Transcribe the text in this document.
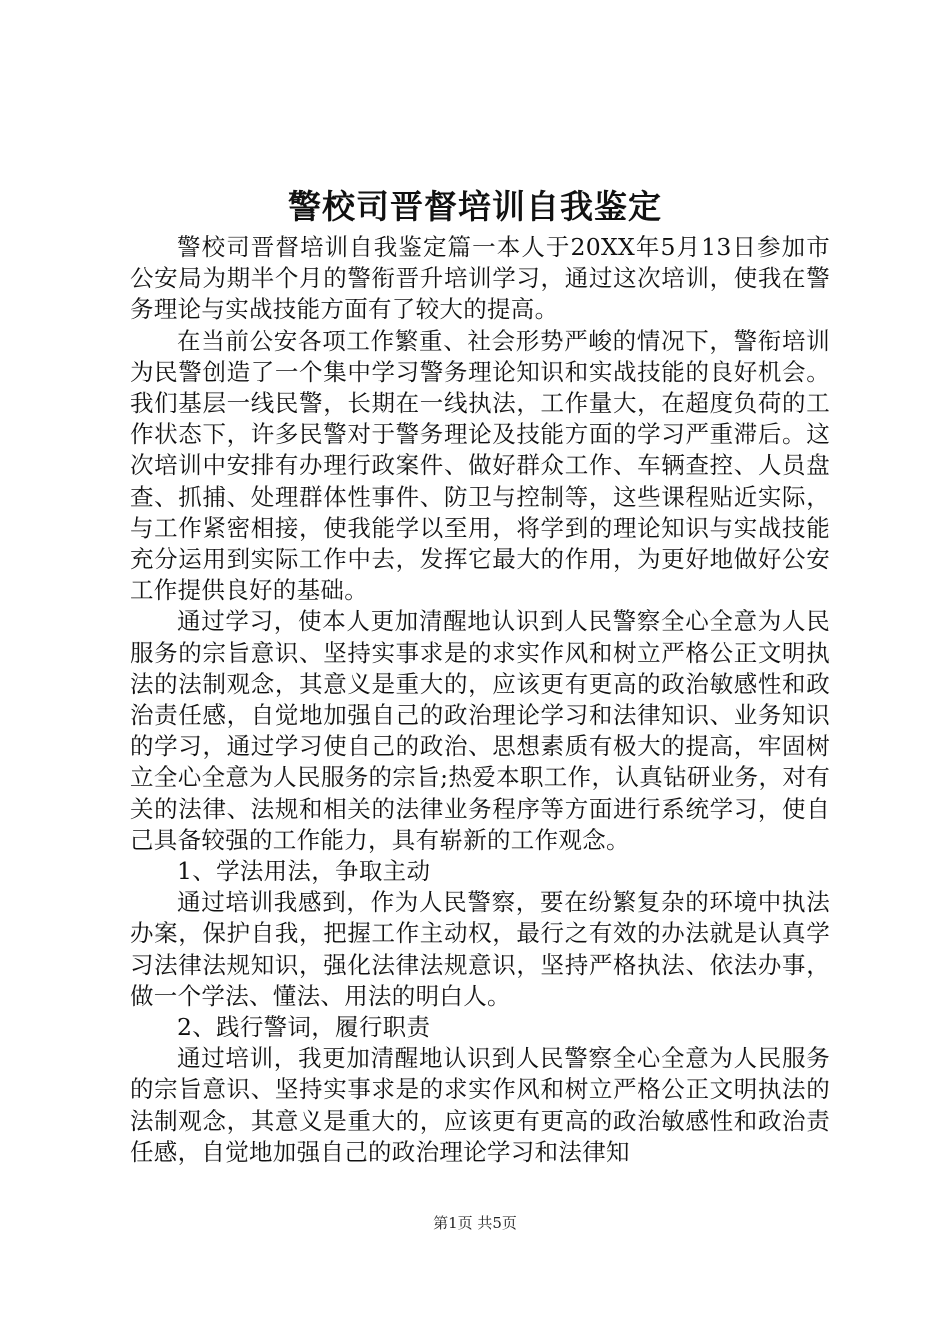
警校司晋督培训自我鉴定

警校司晋督培训自我鉴定篇一本人于20XX年5月13日参加市公安局为期半个月的警衔晋升培训学习，通过这次培训，使我在警务理论与实战技能方面有了较大的提高。

在当前公安各项工作繁重、社会形势严峻的情况下，警衔培训为民警创造了一个集中学习警务理论知识和实战技能的良好机会。我们基层一线民警，长期在一线执法，工作量大，在超度负荷的工作状态下，许多民警对于警务理论及技能方面的学习严重滞后。这次培训中安排有办理行政案件、做好群众工作、车辆查控、人员盘查、抓捕、处理群体性事件、防卫与控制等，这些课程贴近实际，与工作紧密相接，使我能学以至用，将学到的理论知识与实战技能充分运用到实际工作中去，发挥它最大的作用，为更好地做好公安工作提供良好的基础。

通过学习，使本人更加清醒地认识到人民警察全心全意为人民服务的宗旨意识、坚持实事求是的求实作风和树立严格公正文明执法的法制观念，其意义是重大的，应该更有更高的政治敏感性和政治责任感，自觉地加强自己的政治理论学习和法律知识、业务知识的学习，通过学习使自己的政治、思想素质有极大的提高，牢固树立全心全意为人民服务的宗旨;热爱本职工作，认真钻研业务，对有关的法律、法规和相关的法律业务程序等方面进行系统学习，使自己具备较强的工作能力，具有崭新的工作观念。

1、学法用法，争取主动

通过培训我感到，作为人民警察，要在纷繁复杂的环境中执法办案，保护自我，把握工作主动权，最行之有效的办法就是认真学习法律法规知识，强化法律法规意识，坚持严格执法、依法办事，做一个学法、懂法、用法的明白人。

2、践行警词，履行职责

通过培训，我更加清醒地认识到人民警察全心全意为人民服务的宗旨意识、坚持实事求是的求实作风和树立严格公正文明执法的法制观念，其意义是重大的，应该更有更高的政治敏感性和政治责任感，自觉地加强自己的政治理论学习和法律知

第1页 共5页
